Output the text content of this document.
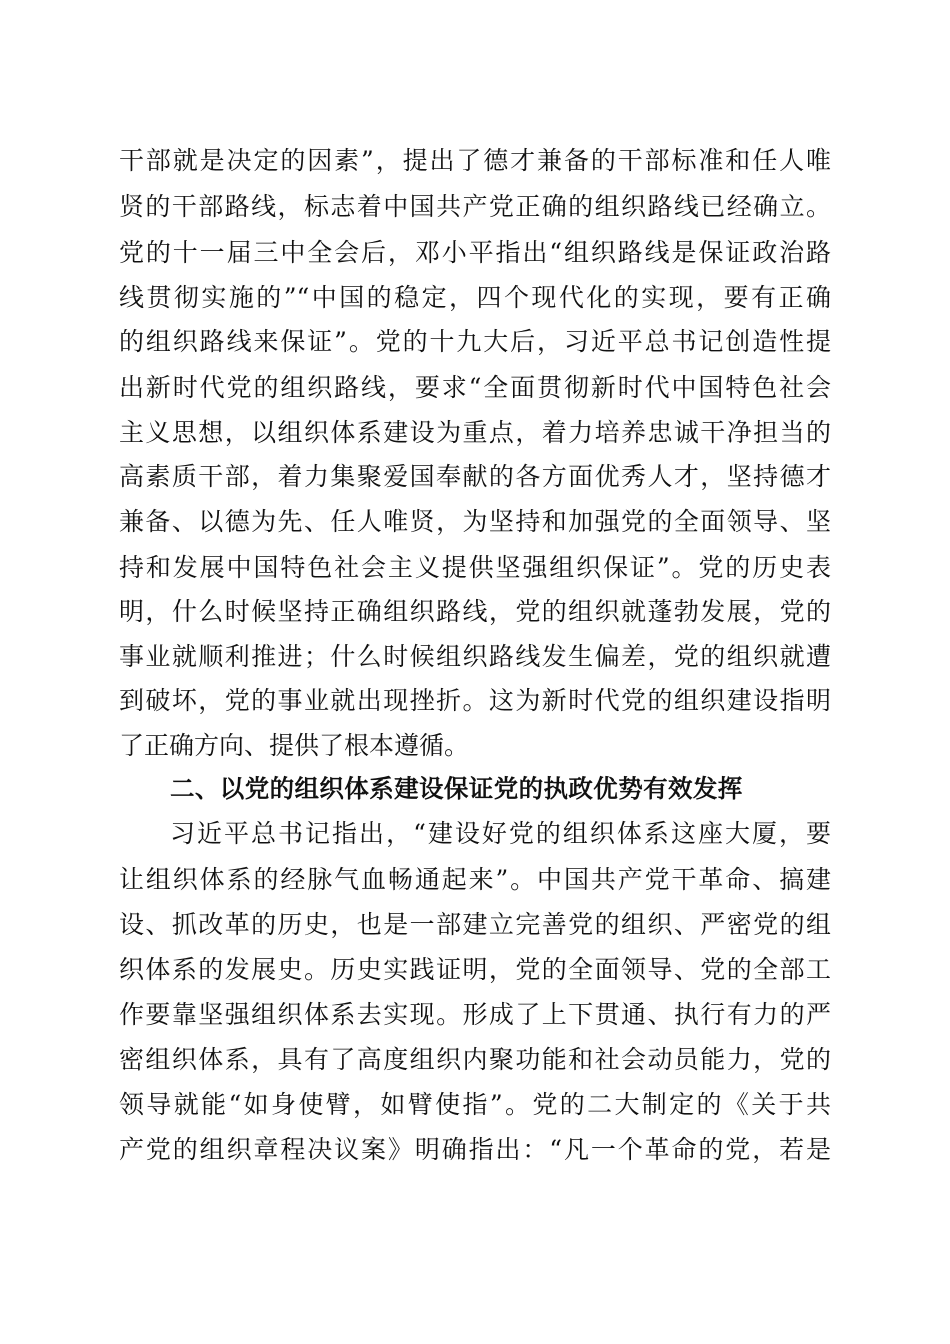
干部就是决定的因素”，提出了德才兼备的干部标准和任人唯
贤的干部路线，标志着中国共产党正确的组织路线已经确立。
党的十一届三中全会后，邓小平指出“组织路线是保证政治路
线贯彻实施的”“中国的稳定，四个现代化的实现，要有正确
的组织路线来保证”。党的十九大后，习近平总书记创造性提
出新时代党的组织路线，要求“全面贯彻新时代中国特色社会
主义思想，以组织体系建设为重点，着力培养忠诚干净担当的
高素质干部，着力集聚爱国奉献的各方面优秀人才，坚持德才
兼备、以德为先、任人唯贤，为坚持和加强党的全面领导、坚
持和发展中国特色社会主义提供坚强组织保证”。党的历史表
明，什么时候坚持正确组织路线，党的组织就蓬勃发展，党的
事业就顺利推进；什么时候组织路线发生偏差，党的组织就遭
到破坏，党的事业就出现挫折。这为新时代党的组织建设指明
了正确方向、提供了根本遵循。
二、以党的组织体系建设保证党的执政优势有效发挥
习近平总书记指出，“建设好党的组织体系这座大厦，要
让组织体系的经脉气血畅通起来”。中国共产党干革命、搞建
设、抓改革的历史，也是一部建立完善党的组织、严密党的组
织体系的发展史。历史实践证明，党的全面领导、党的全部工
作要靠坚强组织体系去实现。形成了上下贯通、执行有力的严
密组织体系，具有了高度组织内聚功能和社会动员能力，党的
领导就能“如身使臂，如臂使指”。党的二大制定的《关于共
产党的组织章程决议案》明确指出：“凡一个革命的党，若是
